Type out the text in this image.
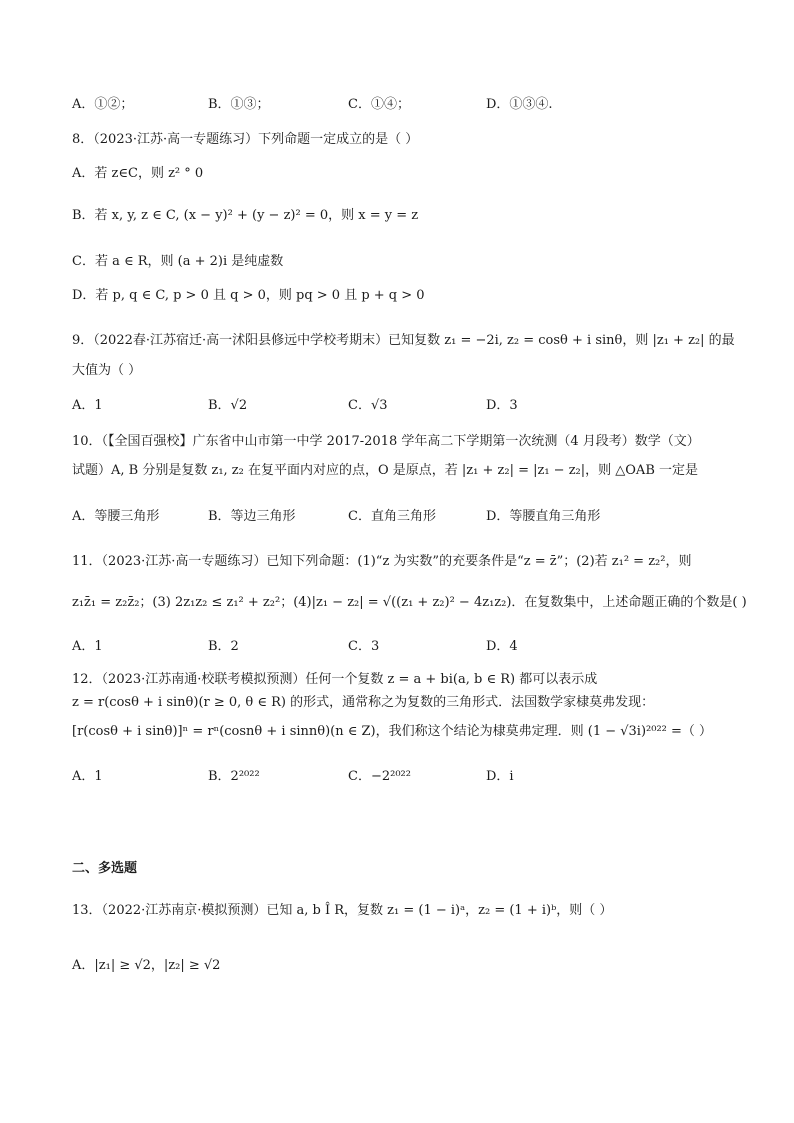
A．①②；	B．①③；	C．①④；	D．①③④.
8．（2023·江苏·高一专题练习）下列命题一定成立的是（ ）
A．若 z∈C，则 z² ° 0
B．若 x, y, z ∈ C, (x − y)² + (y − z)² = 0，则 x = y = z
C．若 a ∈ R，则 (a + 2)i 是纯虚数
D．若 p, q ∈ C, p > 0 且 q > 0，则 pq > 0 且 p + q > 0
9．（2022春·江苏宿迁·高一沭阳县修远中学校考期末）已知复数 z₁ = −2i, z₂ = cosθ + i sinθ，则 |z₁ + z₂| 的最
大值为（ ）
A．1	B．√2	C．√3	D．3
10．（【全国百强校】广东省中山市第一中学 2017-2018 学年高二下学期第一次统测（4 月段考）数学（文）
试题）A, B 分别是复数 z₁, z₂ 在复平面内对应的点，O 是原点，若 |z₁ + z₂| = |z₁ − z₂|，则 △OAB 一定是
A．等腰三角形	B．等边三角形	C．直角三角形	D．等腰直角三角形
11．（2023·江苏·高一专题练习）已知下列命题：(1)“z 为实数”的充要条件是“z = z̄”；(2)若 z₁² = z₂²，则
z₁z̄₁ = z₂z̄₂；(3) 2z₁z₂ ≤ z₁² + z₂²；(4)|z₁ − z₂| = √((z₁ + z₂)² − 4z₁z₂)．在复数集中，上述命题正确的个数是( )
A．1	B．2	C．3	D．4
12．（2023·江苏南通·校联考模拟预测）任何一个复数 z = a + bi(a, b ∈ R) 都可以表示成
z = r(cosθ + i sinθ)(r ≥ 0, θ ∈ R) 的形式，通常称之为复数的三角形式．法国数学家棣莫弗发现：
[r(cosθ + i sinθ)]ⁿ = rⁿ(cosnθ + i sinnθ)(n ∈ Z)，我们称这个结论为棣莫弗定理．则 (1 − √3i)²⁰²² =（ ）
A．1	B．2²⁰²²	C．−2²⁰²²	D．i
二、多选题
13．（2022·江苏南京·模拟预测）已知 a, b Î R，复数 z₁ = (1 − i)ᵃ，z₂ = (1 + i)ᵇ，则（ ）
A．|z₁| ≥ √2，|z₂| ≥ √2
